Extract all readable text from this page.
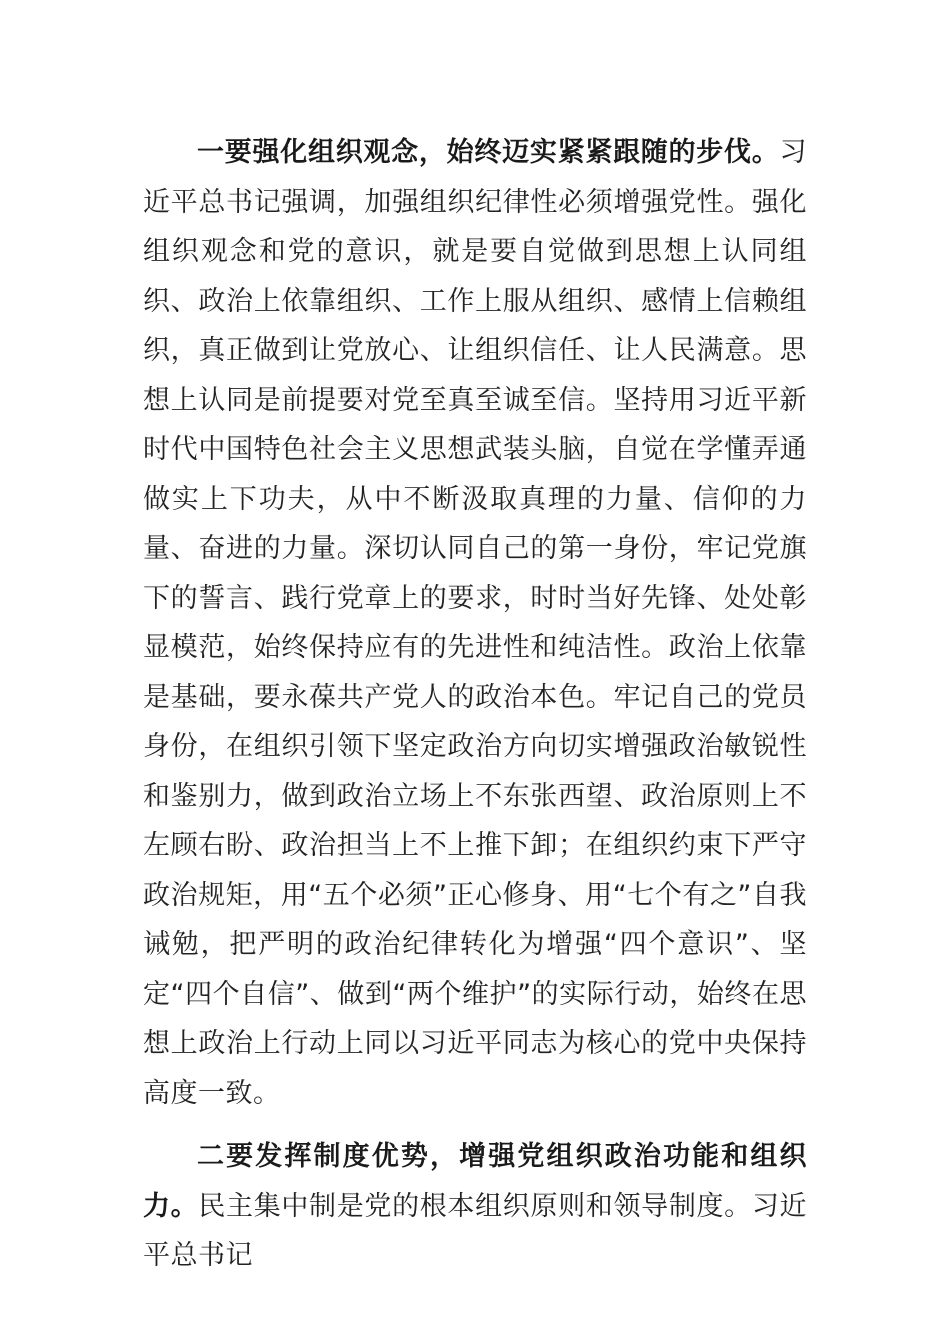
一要强化组织观念，始终迈实紧紧跟随的步伐。习近平总书记强调，加强组织纪律性必须增强党性。强化组织观念和党的意识，就是要自觉做到思想上认同组织、政治上依靠组织、工作上服从组织、感情上信赖组织，真正做到让党放心、让组织信任、让人民满意。思想上认同是前提要对党至真至诚至信。坚持用习近平新时代中国特色社会主义思想武装头脑，自觉在学懂弄通做实上下功夫，从中不断汲取真理的力量、信仰的力量、奋进的力量。深切认同自己的第一身份，牢记党旗下的誓言、践行党章上的要求，时时当好先锋、处处彰显模范，始终保持应有的先进性和纯洁性。政治上依靠是基础，要永葆共产党人的政治本色。牢记自己的党员身份，在组织引领下坚定政治方向切实增强政治敏锐性和鉴别力，做到政治立场上不东张西望、政治原则上不左顾右盼、政治担当上不上推下卸；在组织约束下严守政治规矩，用“五个必须”正心修身、用“七个有之”自我诫勉，把严明的政治纪律转化为增强“四个意识”、坚定“四个自信”、做到“两个维护”的实际行动，始终在思想上政治上行动上同以习近平同志为核心的党中央保持高度一致。

二要发挥制度优势，增强党组织政治功能和组织力。民主集中制是党的根本组织原则和领导制度。习近平总书记
